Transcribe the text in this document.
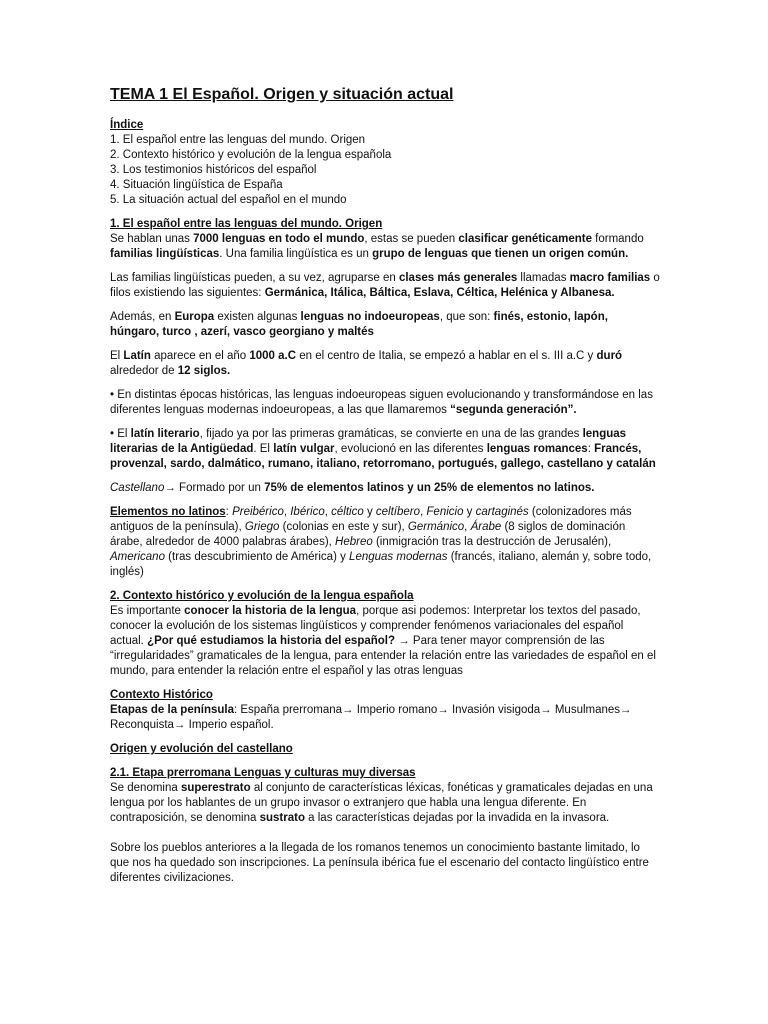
TEMA 1 El Español. Origen y situación actual
Índice
1. El español entre las lenguas del mundo. Origen
2. Contexto histórico y evolución de la lengua española
3. Los testimonios históricos del español
4. Situación lingüística de España
5. La situación actual del español en el mundo
1. El español entre las lenguas del mundo. Origen

Se hablan unas 7000 lenguas en todo el mundo, estas se pueden clasificar genéticamente formando familias lingüísticas. Una familia lingüística es un grupo de lenguas que tienen un origen común.

Las familias lingüísticas pueden, a su vez, agruparse en clases más generales llamadas macro familias o filos existiendo las siguientes: Germánica, Itálica, Báltica, Eslava, Céltica, Helénica y Albanesa.

Además, en Europa existen algunas lenguas no indoeuropeas, que son: finés, estonio, lapón, húngaro, turco , azerí, vasco georgiano y maltés

El Latín aparece en el año 1000 a.C en el centro de Italia, se empezó a hablar en el s. III a.C y duró alrededor de 12 siglos.

• En distintas épocas históricas, las lenguas indoeuropeas siguen evolucionando y transformándose en las diferentes lenguas modernas indoeuropeas, a las que llamaremos “segunda generación”.

• El latín literario, fijado ya por las primeras gramáticas, se convierte en una de las grandes lenguas literarias de la Antigüedad. El latín vulgar, evolucionó en las diferentes lenguas romances: Francés, provenzal, sardo, dalmático, rumano, italiano, retorromano, portugués, gallego, castellano y catalán

Castellano→ Formado por un 75% de elementos latinos y un 25% de elementos no latinos.

Elementos no latinos: Preibérico, Ibérico, céltico y celtíbero, Fenicio y cartaginés (colonizadores más antiguos de la península), Griego (colonias en este y sur), Germánico, Árabe (8 siglos de dominación árabe, alrededor de 4000 palabras árabes), Hebreo (inmigración tras la destrucción de Jerusalén), Americano (tras descubrimiento de América) y Lenguas modernas (francés, italiano, alemán y, sobre todo, inglés)

2. Contexto histórico y evolución de la lengua española

Es importante conocer la historia de la lengua, porque asi podemos: Interpretar los textos del pasado, conocer la evolución de los sistemas lingüísticos y comprender fenómenos variacionales del español actual. ¿Por qué estudiamos la historia del español? → Para tener mayor comprensión de las “irregularidades” gramaticales de la lengua, para entender la relación entre las variedades de español en el mundo, para entender la relación entre el español y las otras lenguas

Contexto Histórico

Etapas de la península: España prerromana→ Imperio romano→ Invasión visigoda→ Musulmanes→ Reconquista→ Imperio español.

Origen y evolución del castellano

2.1. Etapa prerromana Lenguas y culturas muy diversas

Se denomina superestrato al conjunto de características léxicas, fonéticas y gramaticales dejadas en una lengua por los hablantes de un grupo invasor o extranjero que habla una lengua diferente. En contraposición, se denomina sustrato a las características dejadas por la invadida en la invasora.

Sobre los pueblos anteriores a la llegada de los romanos tenemos un conocimiento bastante limitado, lo que nos ha quedado son inscripciones. La península ibérica fue el escenario del contacto lingüístico entre diferentes civilizaciones.
